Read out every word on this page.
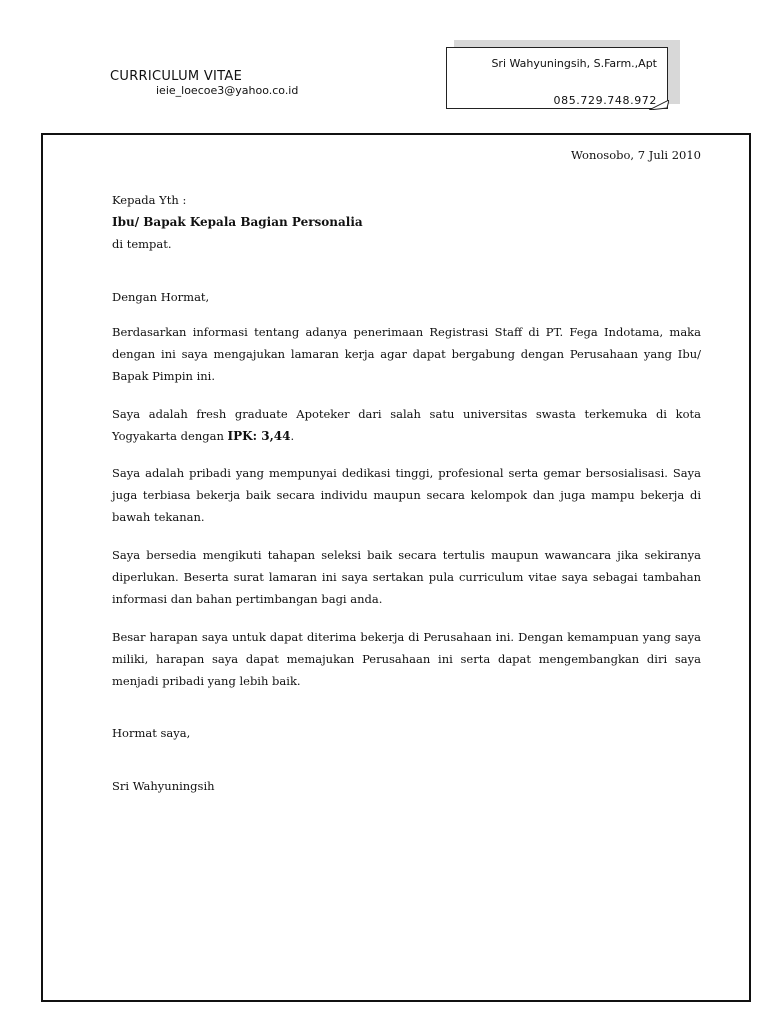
CURRICULUM VITAE
ieie_loecoe3@yahoo.co.id
Sri Wahyuningsih, S.Farm.,Apt
085.729.748.972
Wonosobo, 7 Juli 2010
Kepada Yth :
Ibu/ Bapak Kepala Bagian Personalia
di tempat.
Dengan Hormat,

Berdasarkan informasi tentang adanya penerimaan Registrasi Staff di PT. Fega Indotama, maka dengan ini saya mengajukan lamaran kerja agar dapat bergabung dengan Perusahaan yang Ibu/ Bapak Pimpin ini.

Saya adalah fresh graduate Apoteker dari salah satu universitas swasta terkemuka di kota Yogyakarta dengan IPK: 3,44.

Saya adalah pribadi yang mempunyai dedikasi tinggi, profesional serta gemar bersosialisasi. Saya juga terbiasa bekerja baik secara individu maupun secara kelompok dan juga mampu bekerja di bawah tekanan.

Saya bersedia mengikuti tahapan seleksi baik secara tertulis maupun wawancara jika sekiranya diperlukan. Beserta surat lamaran ini saya sertakan pula curriculum vitae saya sebagai tambahan informasi dan bahan pertimbangan bagi anda.

Besar harapan saya untuk dapat diterima bekerja di Perusahaan ini. Dengan kemampuan yang saya miliki, harapan saya dapat memajukan Perusahaan ini serta dapat mengembangkan diri saya menjadi pribadi yang lebih baik.

Hormat saya,
Sri Wahyuningsih
